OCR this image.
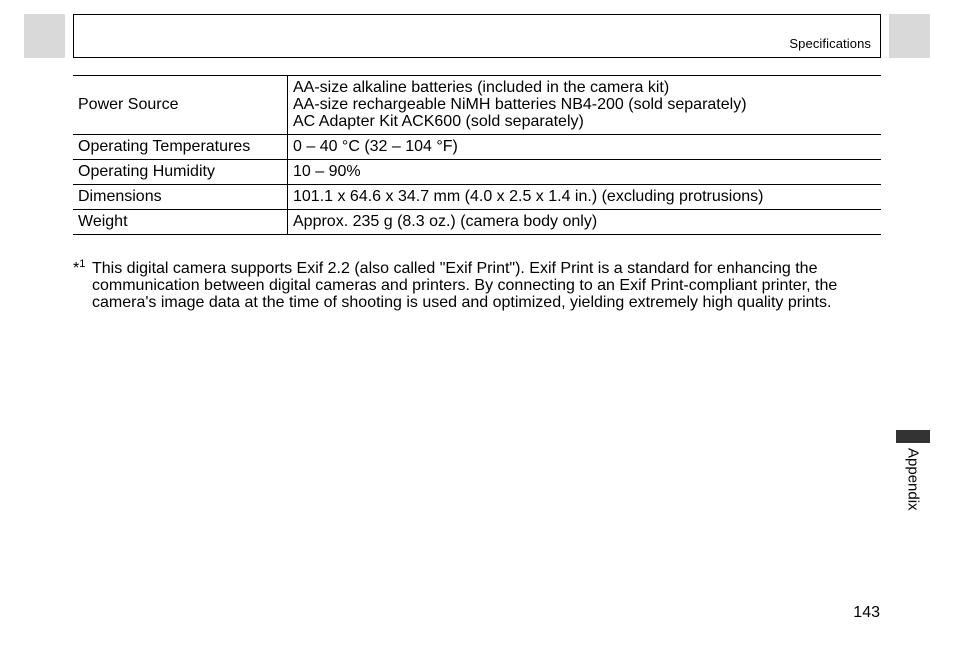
Specifications
Power Source	AA-size alkaline batteries (included in the camera kit)
AA-size rechargeable NiMH batteries NB4-200 (sold separately)
AC Adapter Kit ACK600 (sold separately)

Operating Temperatures	0 – 40 °C (32 – 104 °F)

Operating Humidity	10 – 90%

Dimensions	101.1 x 64.6 x 34.7 mm (4.0 x 2.5 x 1.4 in.) (excluding protrusions)

Weight	Approx. 235 g (8.3 oz.) (camera body only)
*$^1$ This digital camera supports Exif 2.2 (also called "Exif Print"). Exif Print is a standard for enhancing the communication between digital cameras and printers. By connecting to an Exif Print-compliant printer, the camera's image data at the time of shooting is used and optimized, yielding extremely high quality prints.
Appendix
143
